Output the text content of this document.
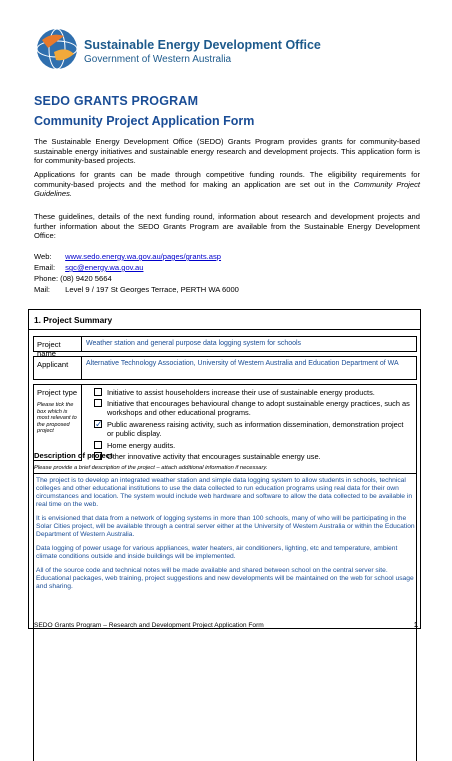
Sustainable Energy Development Office
Government of Western Australia
SEDO GRANTS PROGRAM
Community Project Application Form
The Sustainable Energy Development Office (SEDO) Grants Program provides grants for community-based sustainable energy initiatives and sustainable energy research and development projects. This application form is for community-based projects.
Applications for grants can be made through competitive funding rounds. The eligibility requirements for community-based projects and the method for making an application are set out in the Community Project Guidelines.
These guidelines, details of the next funding round, information about research and development projects and further information about the SEDO Grants Program are available from the Sustainable Energy Development Office:
Web: www.sedo.energy.wa.gov.au/pages/grants.asp
Email: sgc@energy.wa.gov.au
Phone: (08) 9420 5664
Mail: Level 9 / 197 St Georges Terrace, PERTH WA 6000
1. Project Summary
Project name
Weather station and general purpose data logging system for schools
Applicant	Alternative Technology Association, University of Western Australia and Education Department of WA
Project type
Please tick the box which is most relevant to the proposed project
Initiative to assist householders increase their use of sustainable energy products.
Initiative that encourages behavioural change to adopt sustainable energy practices, such as workshops and other educational programs.
✓ Public awareness raising activity, such as information dissemination, demonstration project or public display.
Home energy audits.
Other innovative activity that encourages sustainable energy use.
Description of project
Please provide a brief description of the project – attach additional information if necessary.

The project is to develop an integrated weather station and simple data logging system to allow students in schools, technical colleges and other educational institutions to use the data collected to run education programs using real data for their own circumstances and location. The system would include web hardware and software to allow the data collected to be available in real time on the web.

It is envisioned that data from a network of logging systems in more than 100 schools, many of who will be participating in the Solar Cities project, will be available through a central server either at the University of Western Australia or within the Education Department of Western Australia.

Data logging of power usage for various appliances, water heaters, air conditioners, lighting, etc and temperature, ambient climate conditions outside and inside buildings will be implemented.

All of the source code and technical notes will be made available and shared between school on the central server site. Educational packages, web training, project suggestions and new developments will be maintained on the web for school usage and sharing.

SEDO Grants Program – Research and Development Project Application Form	1
